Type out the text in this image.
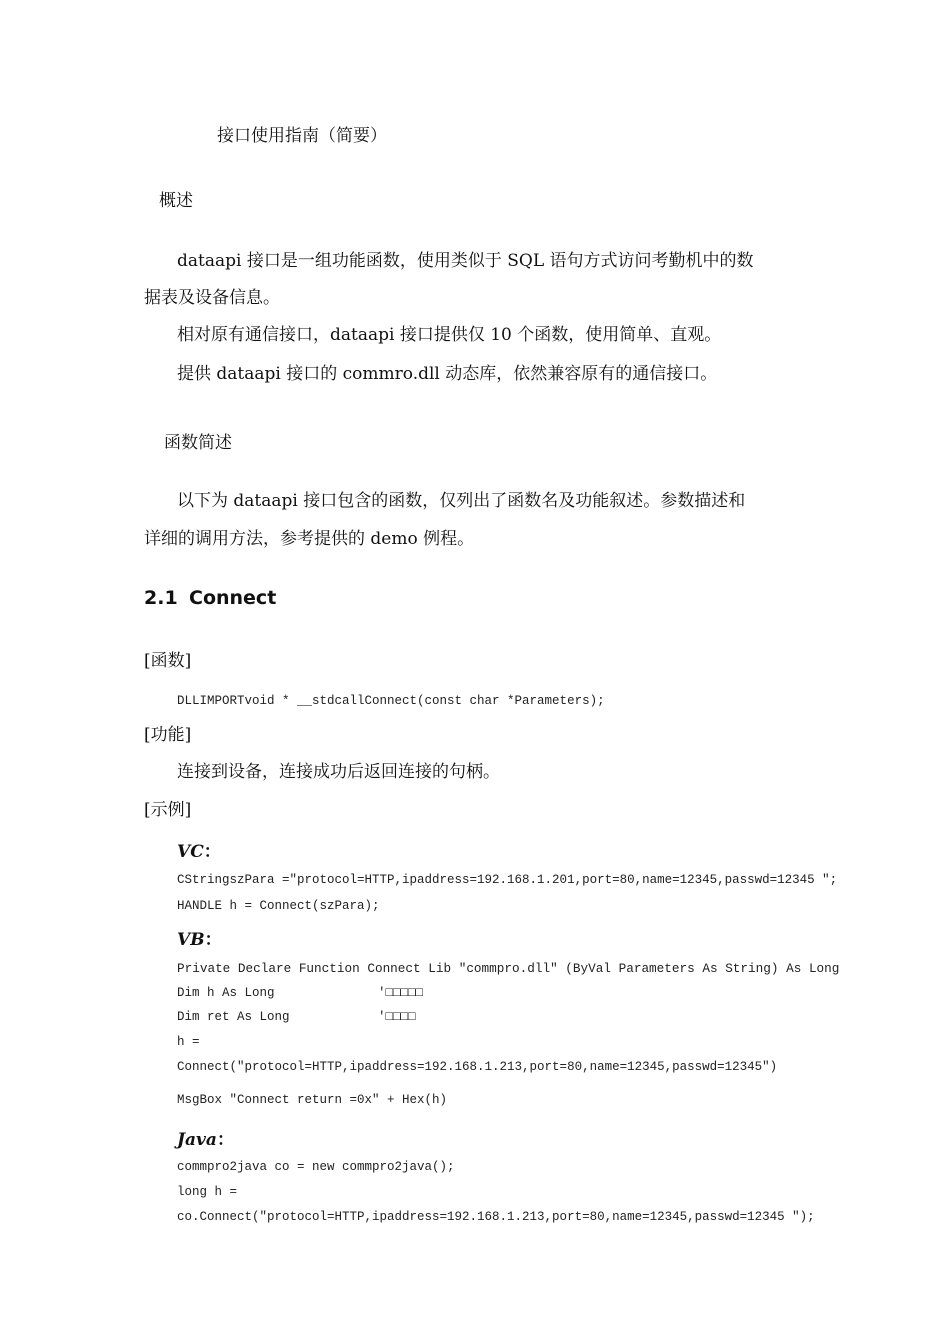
接口使用指南（简要）
概述
dataapi 接口是一组功能函数，使用类似于 SQL 语句方式访问考勤机中的数
据表及设备信息。
相对原有通信接口，dataapi 接口提供仅 10 个函数，使用简单、直观。
提供 dataapi 接口的 commro.dll 动态库，依然兼容原有的通信接口。
函数简述
以下为 dataapi 接口包含的函数，仅列出了函数名及功能叙述。参数描述和
详细的调用方法，参考提供的 demo 例程。
2.1 Connect
[函数]
DLLIMPORTvoid * __stdcallConnect(const char *Parameters);
[功能]
连接到设备，连接成功后返回连接的句柄。
[示例]
VC：
CStringszPara ="protocol=HTTP,ipaddress=192.168.1.201,port=80,name=12345,passwd=12345 ";
HANDLE h = Connect(szPara);
VB：
Private Declare Function Connect Lib "commpro.dll" (ByVal Parameters As String) As Long
Dim h As Long	'□□□□□
Dim ret As Long	'□□□□
h =
Connect("protocol=HTTP,ipaddress=192.168.1.213,port=80,name=12345,passwd=12345")
MsgBox "Connect return =0x" + Hex(h)
Java：
commpro2java co = new commpro2java();
long h =
co.Connect("protocol=HTTP,ipaddress=192.168.1.213,port=80,name=12345,passwd=12345 ");
